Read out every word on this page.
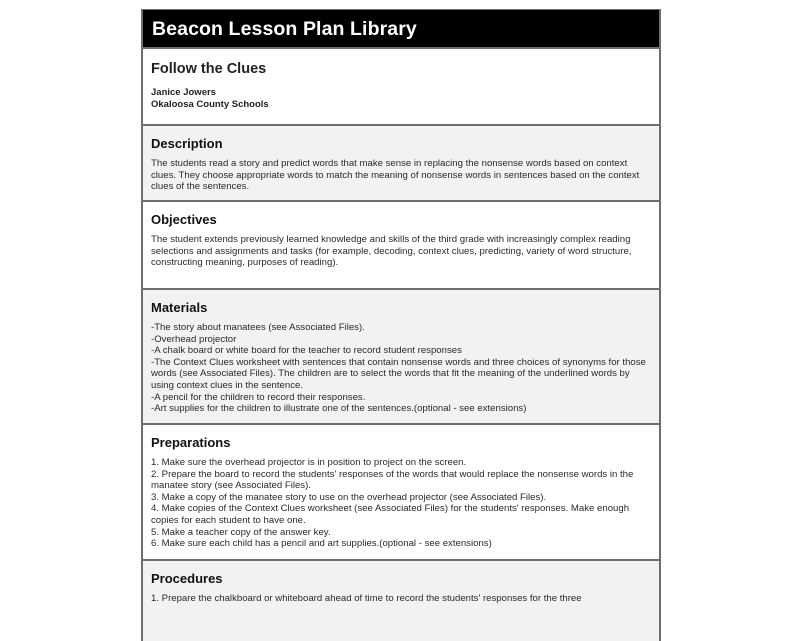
Beacon Lesson Plan Library
Follow the Clues
Janice Jowers
Okaloosa County Schools
Description
The students read a story and predict words that make sense in replacing the nonsense words based on context clues. They choose appropriate words to match the meaning of nonsense words in sentences based on the context clues of the sentences.
Objectives
The student extends previously learned knowledge and skills of the third grade with increasingly complex reading selections and assignments and tasks (for example, decoding, context clues, predicting, variety of word structure, constructing meaning, purposes of reading).
Materials
-The story about manatees (see Associated Files).
-Overhead projector
-A chalk board or white board for the teacher to record student responses
-The Context Clues worksheet with sentences that contain nonsense words and three choices of synonyms for those words (see Associated Files). The children are to select the words that fit the meaning of the underlined words by using context clues in the sentence.
-A pencil for the children to record their responses.
-Art supplies for the children to illustrate one of the sentences.(optional - see extensions)
Preparations
1. Make sure the overhead projector is in position to project on the screen.
2. Prepare the board to record the students' responses of the words that would replace the nonsense words in the manatee story (see Associated Files).
3. Make a copy of the manatee story to use on the overhead projector (see Associated Files).
4. Make copies of the Context Clues worksheet (see Associated Files) for the students' responses. Make enough copies for each student to have one.
5. Make a teacher copy of the answer key.
6. Make sure each child has a pencil and art supplies.(optional - see extensions)
Procedures
1. Prepare the chalkboard or whiteboard ahead of time to record the students' responses for the three
